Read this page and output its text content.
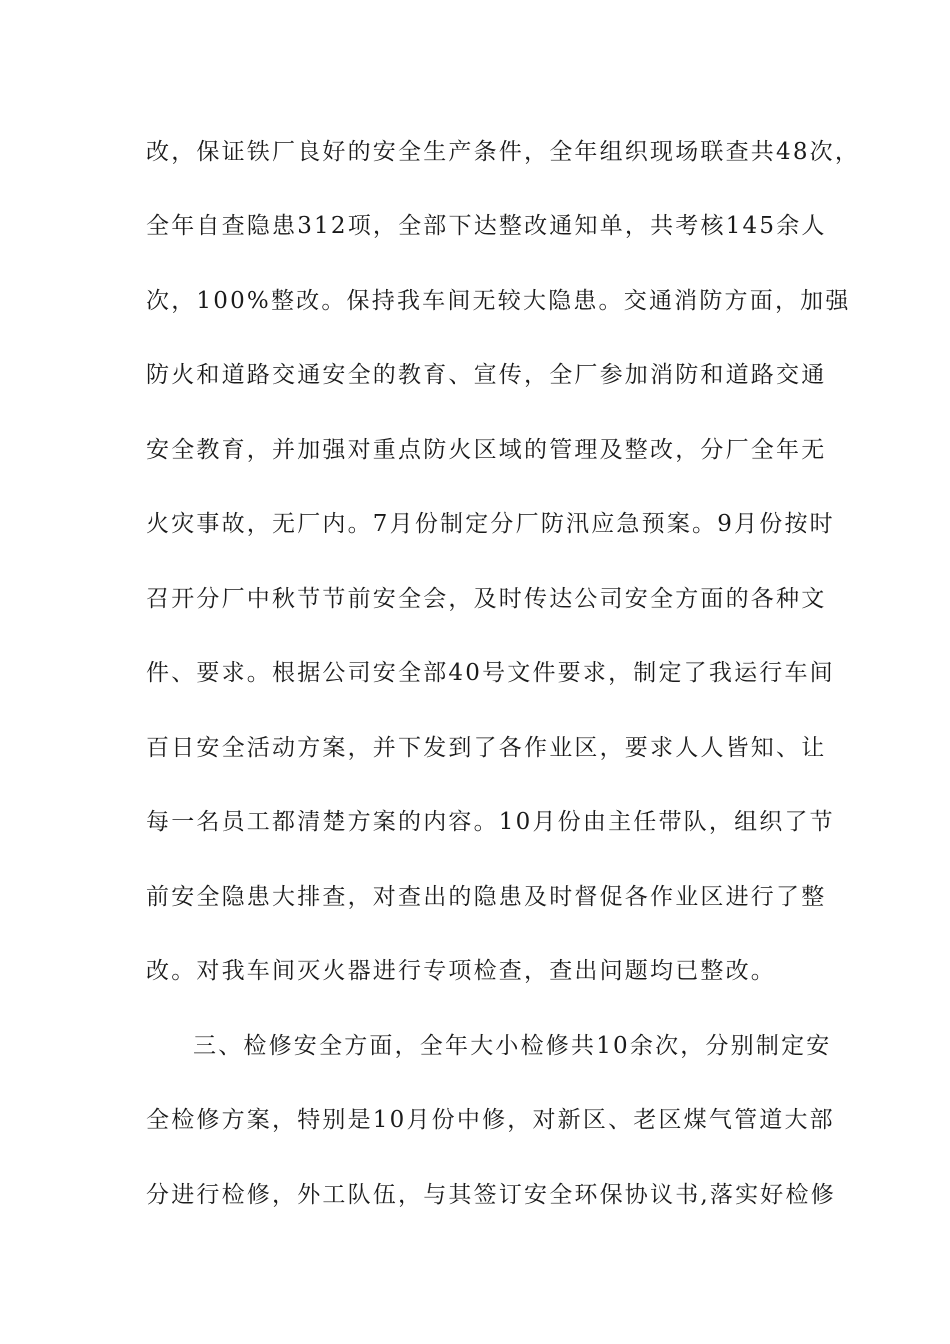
改，保证铁厂良好的安全生产条件，全年组织现场联查共48次，
全年自查隐患312项，全部下达整改通知单，共考核145余人
次，100%整改。保持我车间无较大隐患。交通消防方面，加强
防火和道路交通安全的教育、宣传，全厂参加消防和道路交通
安全教育，并加强对重点防火区域的管理及整改，分厂全年无
火灾事故，无厂内。7月份制定分厂防汛应急预案。9月份按时
召开分厂中秋节节前安全会，及时传达公司安全方面的各种文
件、要求。根据公司安全部40号文件要求，制定了我运行车间
百日安全活动方案，并下发到了各作业区，要求人人皆知、让
每一名员工都清楚方案的内容。10月份由主任带队，组织了节
前安全隐患大排查，对查出的隐患及时督促各作业区进行了整
改。对我车间灭火器进行专项检查，查出问题均已整改。
三、检修安全方面，全年大小检修共10余次，分别制定安
全检修方案，特别是10月份中修，对新区、老区煤气管道大部
分进行检修，外工队伍，与其签订安全环保协议书,落实好检修
